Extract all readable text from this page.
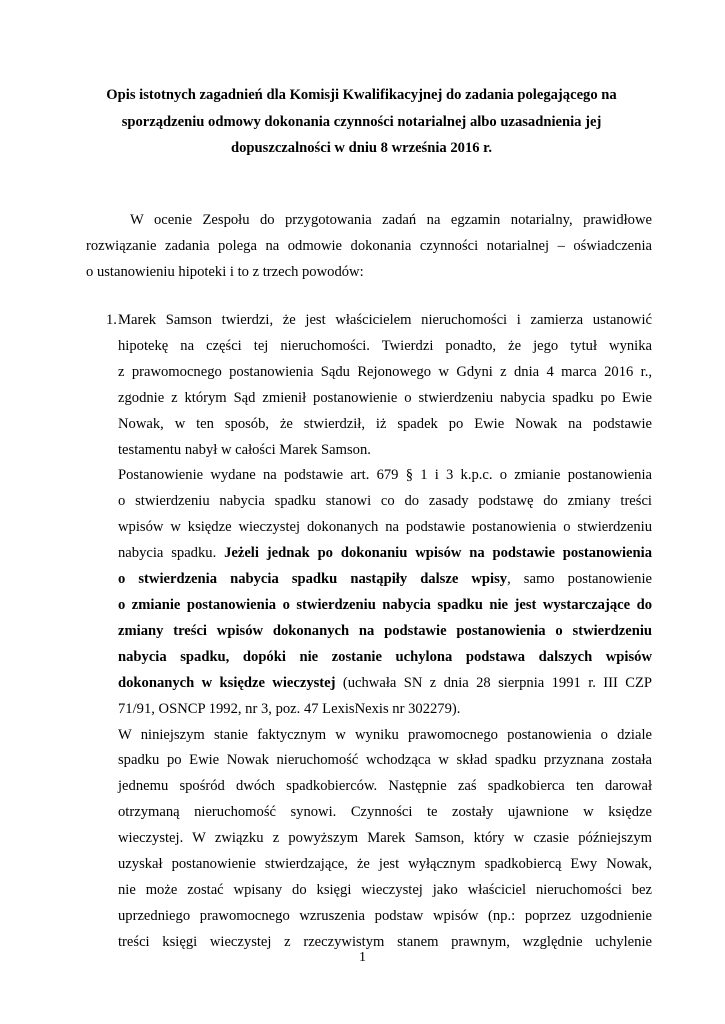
Opis istotnych zagadnień dla Komisji Kwalifikacyjnej do zadania polegającego na
sporządzeniu odmowy dokonania czynności notarialnej albo uzasadnienia jej
dopuszczalności w dniu 8 września 2016 r.
W ocenie Zespołu do przygotowania zadań na egzamin notarialny, prawidłowe
rozwiązanie zadania polega na odmowie dokonania czynności notarialnej – oświadczenia
o ustanowieniu hipoteki i to z trzech powodów:
1. Marek Samson twierdzi, że jest właścicielem nieruchomości i zamierza ustanowić
hipotekę na części tej nieruchomości. Twierdzi ponadto, że jego tytuł wynika
z prawomocnego postanowienia Sądu Rejonowego w Gdyni z dnia 4 marca 2016 r.,
zgodnie z którym Sąd zmienił postanowienie o stwierdzeniu nabycia spadku po Ewie
Nowak, w ten sposób, że stwierdził, iż spadek po Ewie Nowak na podstawie
testamentu nabył w całości Marek Samson.
Postanowienie wydane na podstawie art. 679 § 1 i 3 k.p.c. o zmianie postanowienia
o stwierdzeniu nabycia spadku stanowi co do zasady podstawę do zmiany treści
wpisów w księdze wieczystej dokonanych na podstawie postanowienia o stwierdzeniu
nabycia spadku. Jeżeli jednak po dokonaniu wpisów na podstawie postanowienia
o stwierdzenia nabycia spadku nastąpiły dalsze wpisy, samo postanowienie
o zmianie postanowienia o stwierdzeniu nabycia spadku nie jest wystarczające do
zmiany treści wpisów dokonanych na podstawie postanowienia o stwierdzeniu
nabycia spadku, dopóki nie zostanie uchylona podstawa dalszych wpisów
dokonanych w księdze wieczystej (uchwała SN z dnia 28 sierpnia 1991 r. III CZP
71/91, OSNCP 1992, nr 3, poz. 47 LexisNexis nr 302279).
W niniejszym stanie faktycznym w wyniku prawomocnego postanowienia o dziale
spadku po Ewie Nowak nieruchomość wchodząca w skład spadku przyznana została
jednemu spośród dwóch spadkobierców. Następnie zaś spadkobierca ten darował
otrzymaną nieruchomość synowi. Czynności te zostały ujawnione w księdze
wieczystej. W związku z powyższym Marek Samson, który w czasie późniejszym
uzyskał postanowienie stwierdzające, że jest wyłącznym spadkobiercą Ewy Nowak,
nie może zostać wpisany do księgi wieczystej jako właściciel nieruchomości bez
uprzedniego prawomocnego wzruszenia podstaw wpisów (np.: poprzez uzgodnienie
treści księgi wieczystej z rzeczywistym stanem prawnym, względnie uchylenie
1
